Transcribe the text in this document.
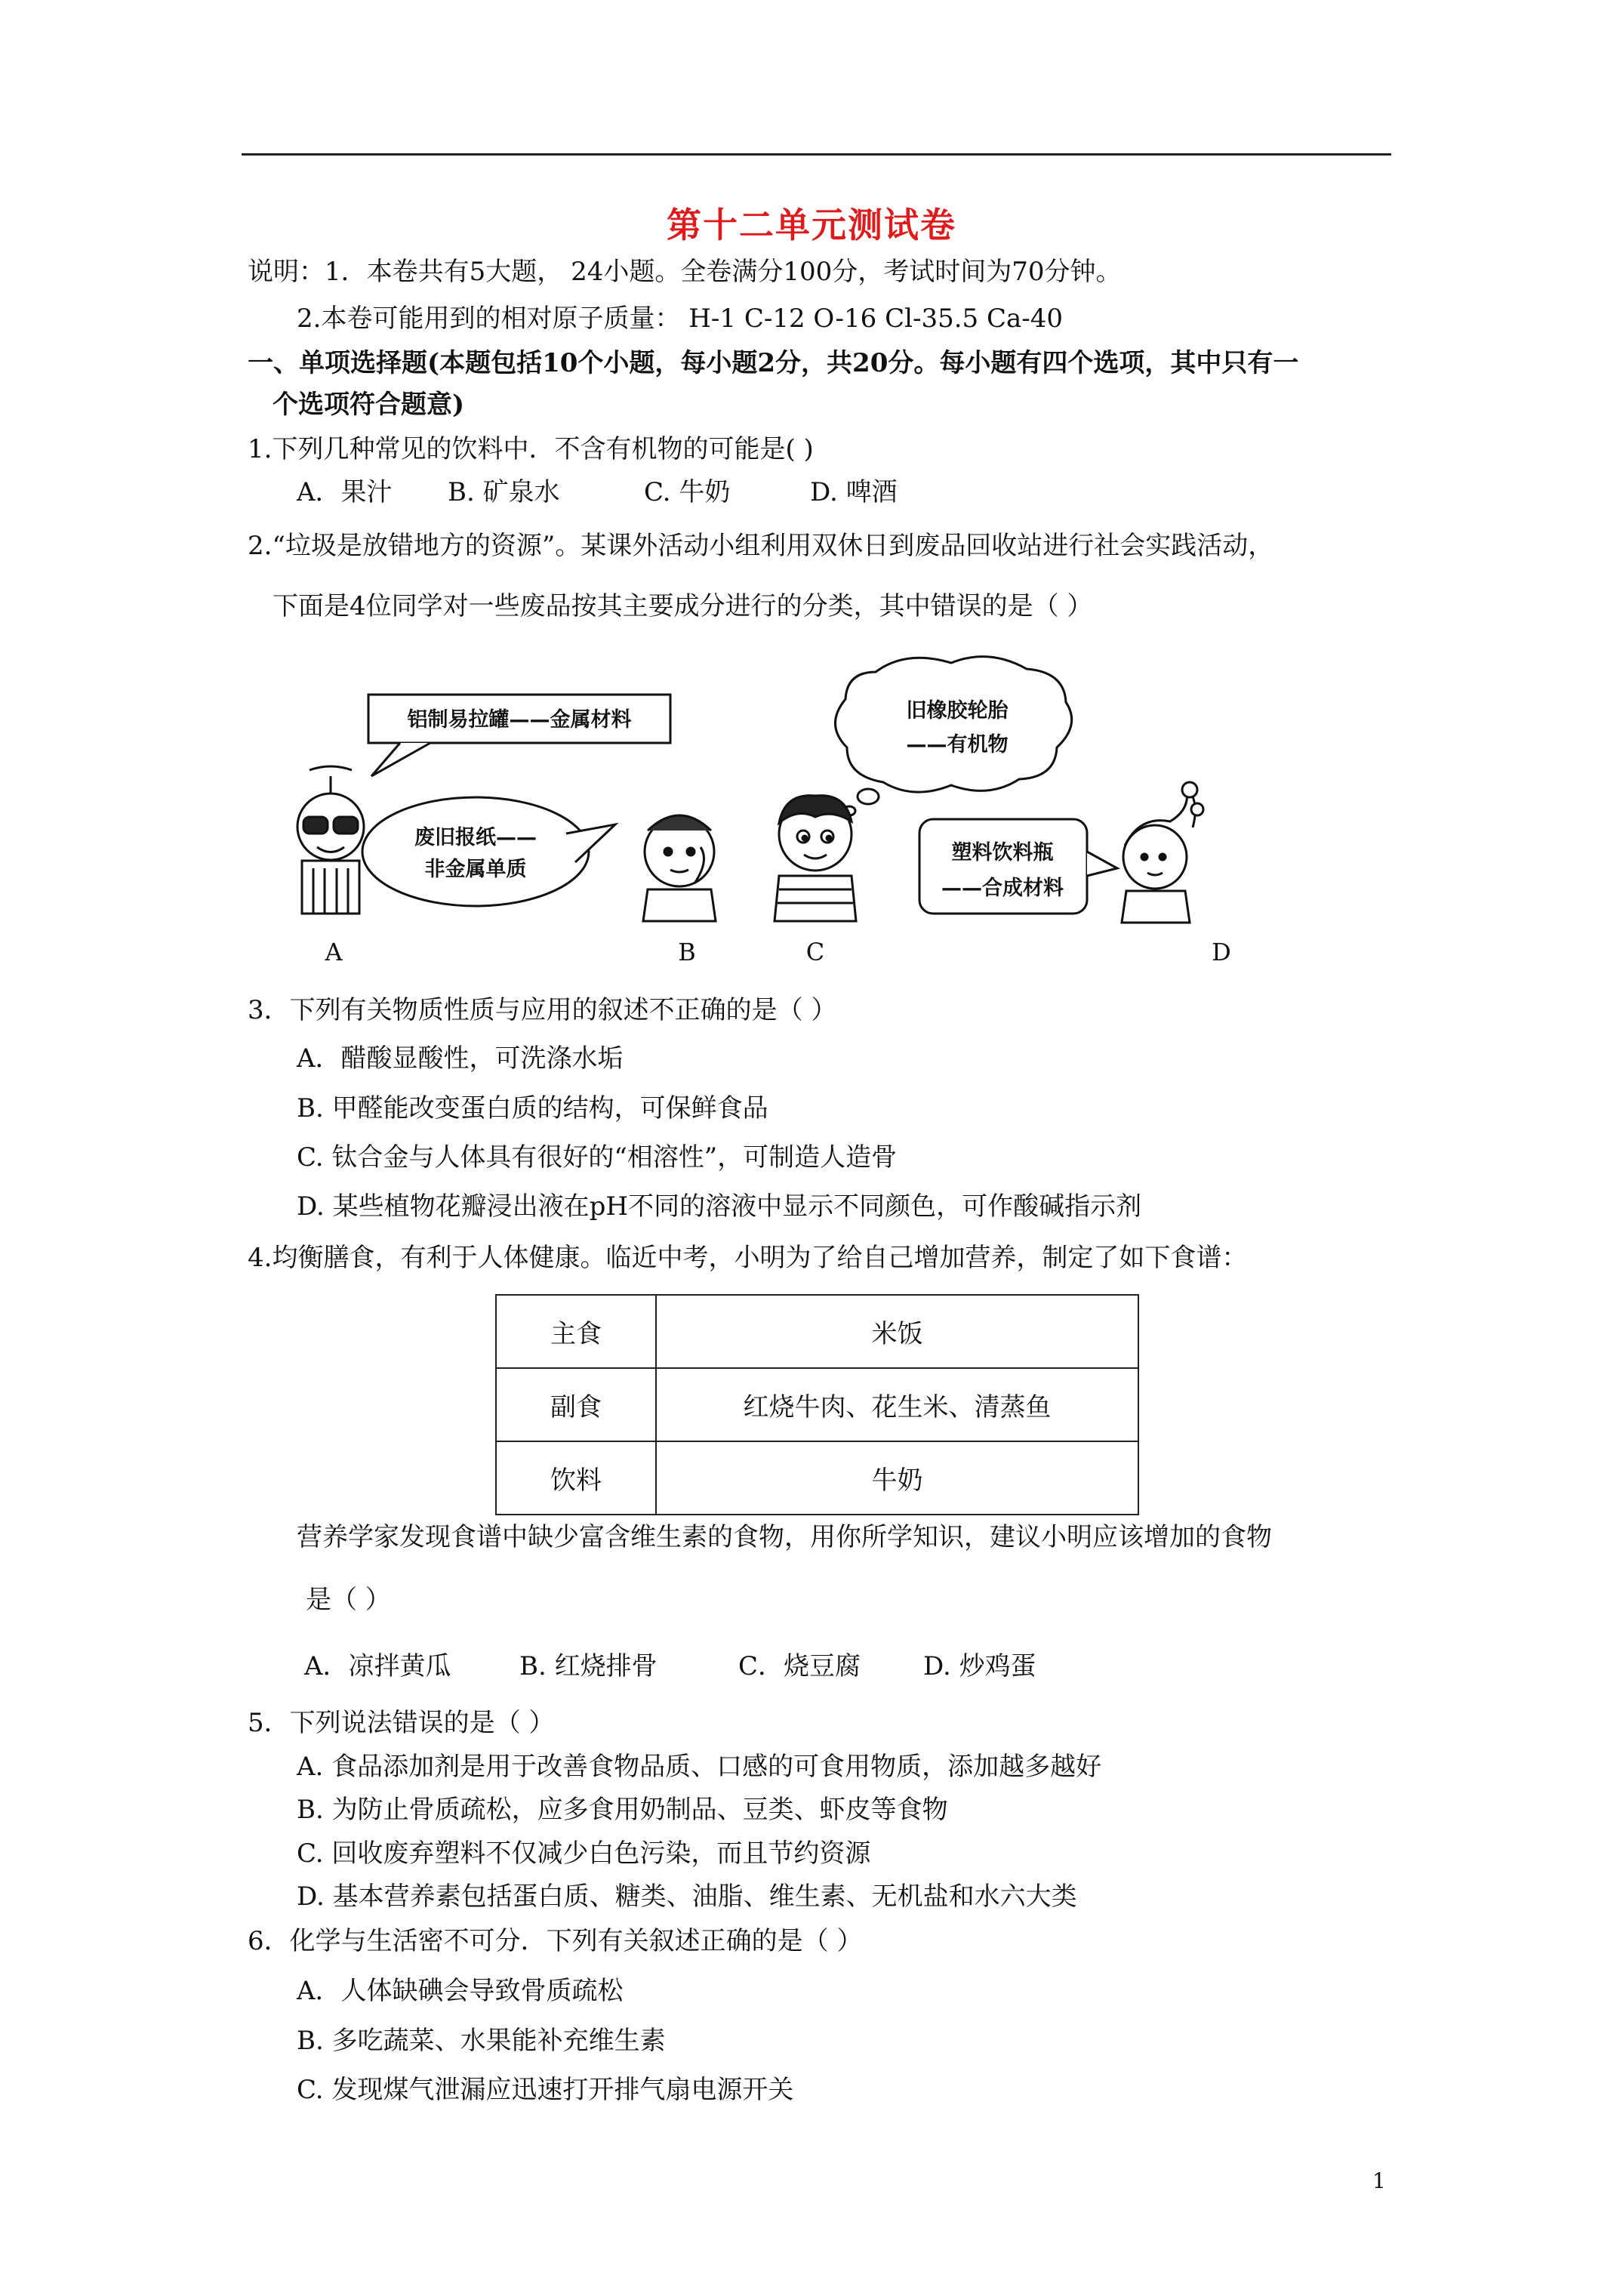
第十二单元测试卷
说明：1．本卷共有5大题， 24小题。全卷满分100分，考试时间为70分钟。
2.本卷可能用到的相对原子质量： H-1 C-12 O-16 Cl-35.5 Ca-40
一、单项选择题(本题包括10个小题，每小题2分，共20分。每小题有四个选项，其中只有一
个选项符合题意)
1.下列几种常见的饮料中．不含有机物的可能是( )
A．果汁 B. 矿泉水	C. 牛奶	D. 啤酒
2.“垃圾是放错地方的资源”。某课外活动小组利用双休日到废品回收站进行社会实践活动，
下面是4位同学对一些废品按其主要成分进行的分类，其中错误的是（ ）
铝制易拉罐——金属材料
废旧报纸——
非金属单质
旧橡胶轮胎
——有机物
塑料饮料瓶
——合成材料
A	B	C	D
3．下列有关物质性质与应用的叙述不正确的是（ ）
A．醋酸显酸性，可洗涤水垢
B. 甲醛能改变蛋白质的结构，可保鲜食品
C. 钛合金与人体具有很好的“相溶性”，可制造人造骨
D. 某些植物花瓣浸出液在pH不同的溶液中显示不同颜色，可作酸碱指示剂
4.均衡膳食，有利于人体健康。临近中考，小明为了给自己增加营养，制定了如下食谱：
主食	米饭
副食	红烧牛肉、花生米、清蒸鱼
饮料	牛奶
营养学家发现食谱中缺少富含维生素的食物，用你所学知识，建议小明应该增加的食物
是（ ）
A．凉拌黄瓜	B. 红烧排骨	C．烧豆腐 D. 炒鸡蛋
5．下列说法错误的是（ ）
A. 食品添加剂是用于改善食物品质、口感的可食用物质，添加越多越好
B. 为防止骨质疏松，应多食用奶制品、豆类、虾皮等食物
C. 回收废弃塑料不仅减少白色污染，而且节约资源
D. 基本营养素包括蛋白质、糖类、油脂、维生素、无机盐和水六大类
6．化学与生活密不可分．下列有关叙述正确的是（ ）
A．人体缺碘会导致骨质疏松
B. 多吃蔬菜、水果能补充维生素
C. 发现煤气泄漏应迅速打开排气扇电源开关
1
